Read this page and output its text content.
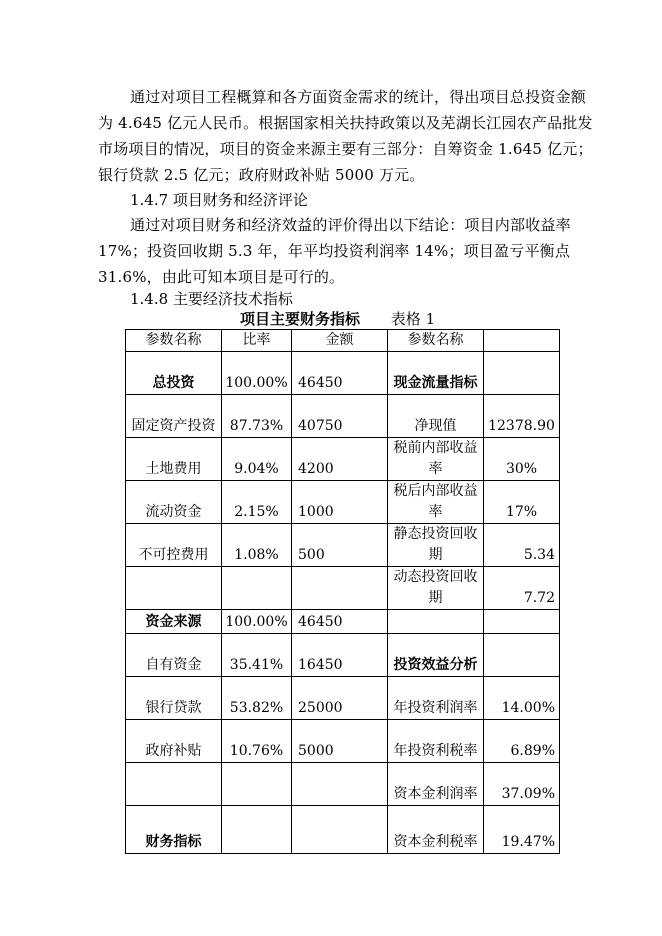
通过对项目工程概算和各方面资金需求的统计，得出项目总投资金额为 4.645 亿元人民币。根据国家相关扶持政策以及芜湖长江园农产品批发市场项目的情况，项目的资金来源主要有三部分：自筹资金 1.645 亿元；银行贷款 2.5 亿元；政府财政补贴 5000 万元。

1.4.7 项目财务和经济评论

通过对项目财务和经济效益的评价得出以下结论：项目内部收益率 17%；投资回收期 5.3 年，年平均投资利润率 14%；项目盈亏平衡点 31.6%，由此可知本项目是可行的。

1.4.8 主要经济技术指标

项目主要财务指标 表格 1
参数名称	比率	金额	参数名称	
总投资	100.00%	46450	现金流量指标	
固定资产投资	87.73%	40750	净现值	12378.90
土地费用	9.04%	4200	税前内部收益率	30%
流动资金	2.15%	1000	税后内部收益率	17%
不可控费用	1.08%	500	静态投资回收期	5.34
			动态投资回收期	7.72
资金来源	100.00%	46450		
自有资金	35.41%	16450	投资效益分析	
银行贷款	53.82%	25000	年投资利润率	14.00%
政府补贴	10.76%	5000	年投资利税率	6.89%
			资本金利润率	37.09%
财务指标			资本金利税率	19.47%
